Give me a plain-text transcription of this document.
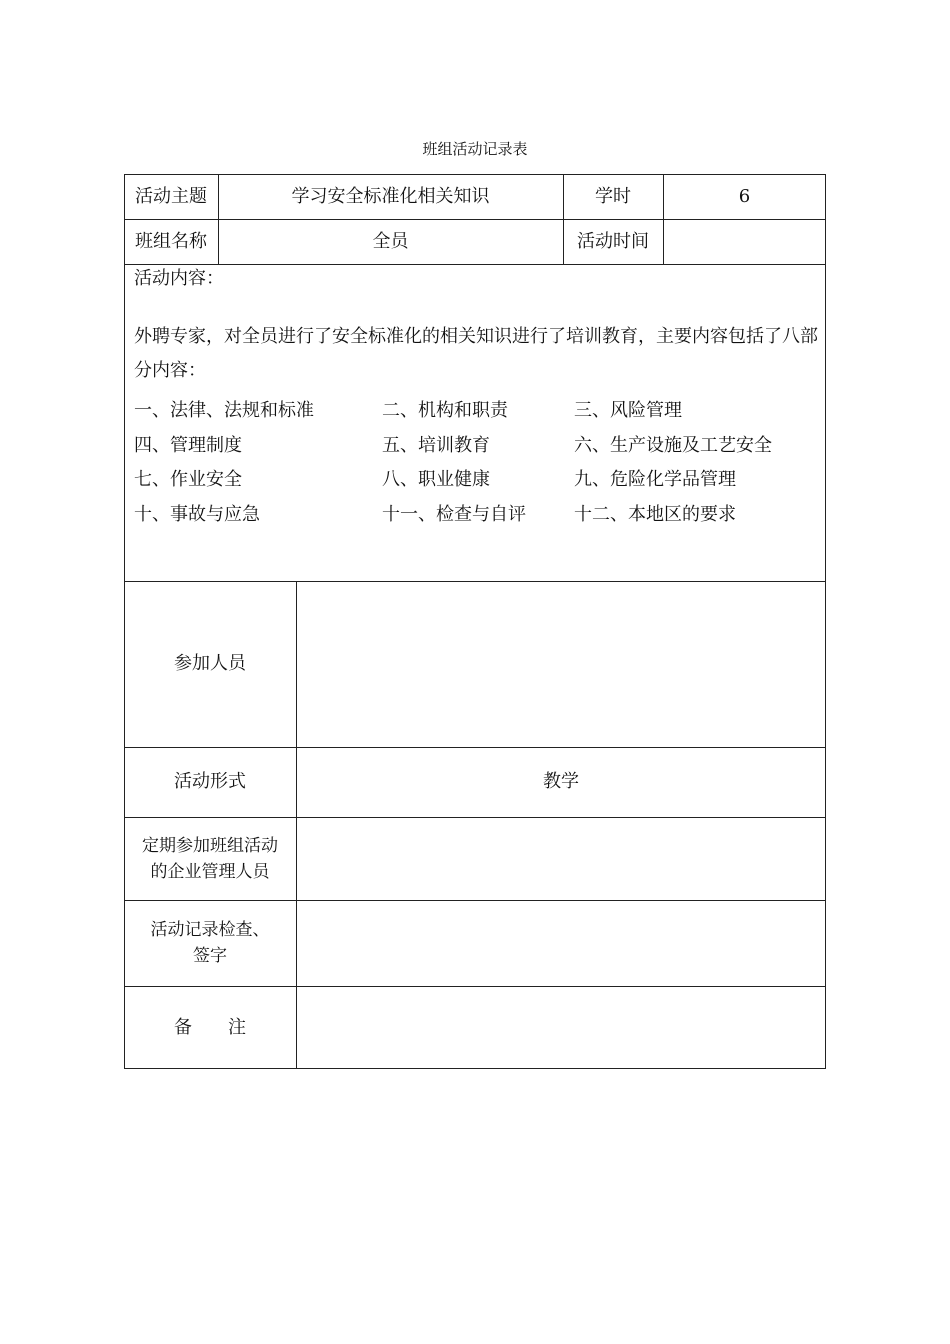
班组活动记录表
活动主题	学习安全标准化相关知识	学时	6
班组名称	全员	活动时间
活动内容：
外聘专家，对全员进行了安全标准化的相关知识进行了培训教育，主要内容包括了八部分内容：
一、法律、法规和标准	二、机构和职责	三、风险管理
四、管理制度	五、培训教育	六、生产设施及工艺安全
七、作业安全	八、职业健康	九、危险化学品管理
十、事故与应急	十一、检查与自评	十二、本地区的要求
参加人员
活动形式	教学
定期参加班组活动
的企业管理人员
活动记录检查、
签字
备　　注
